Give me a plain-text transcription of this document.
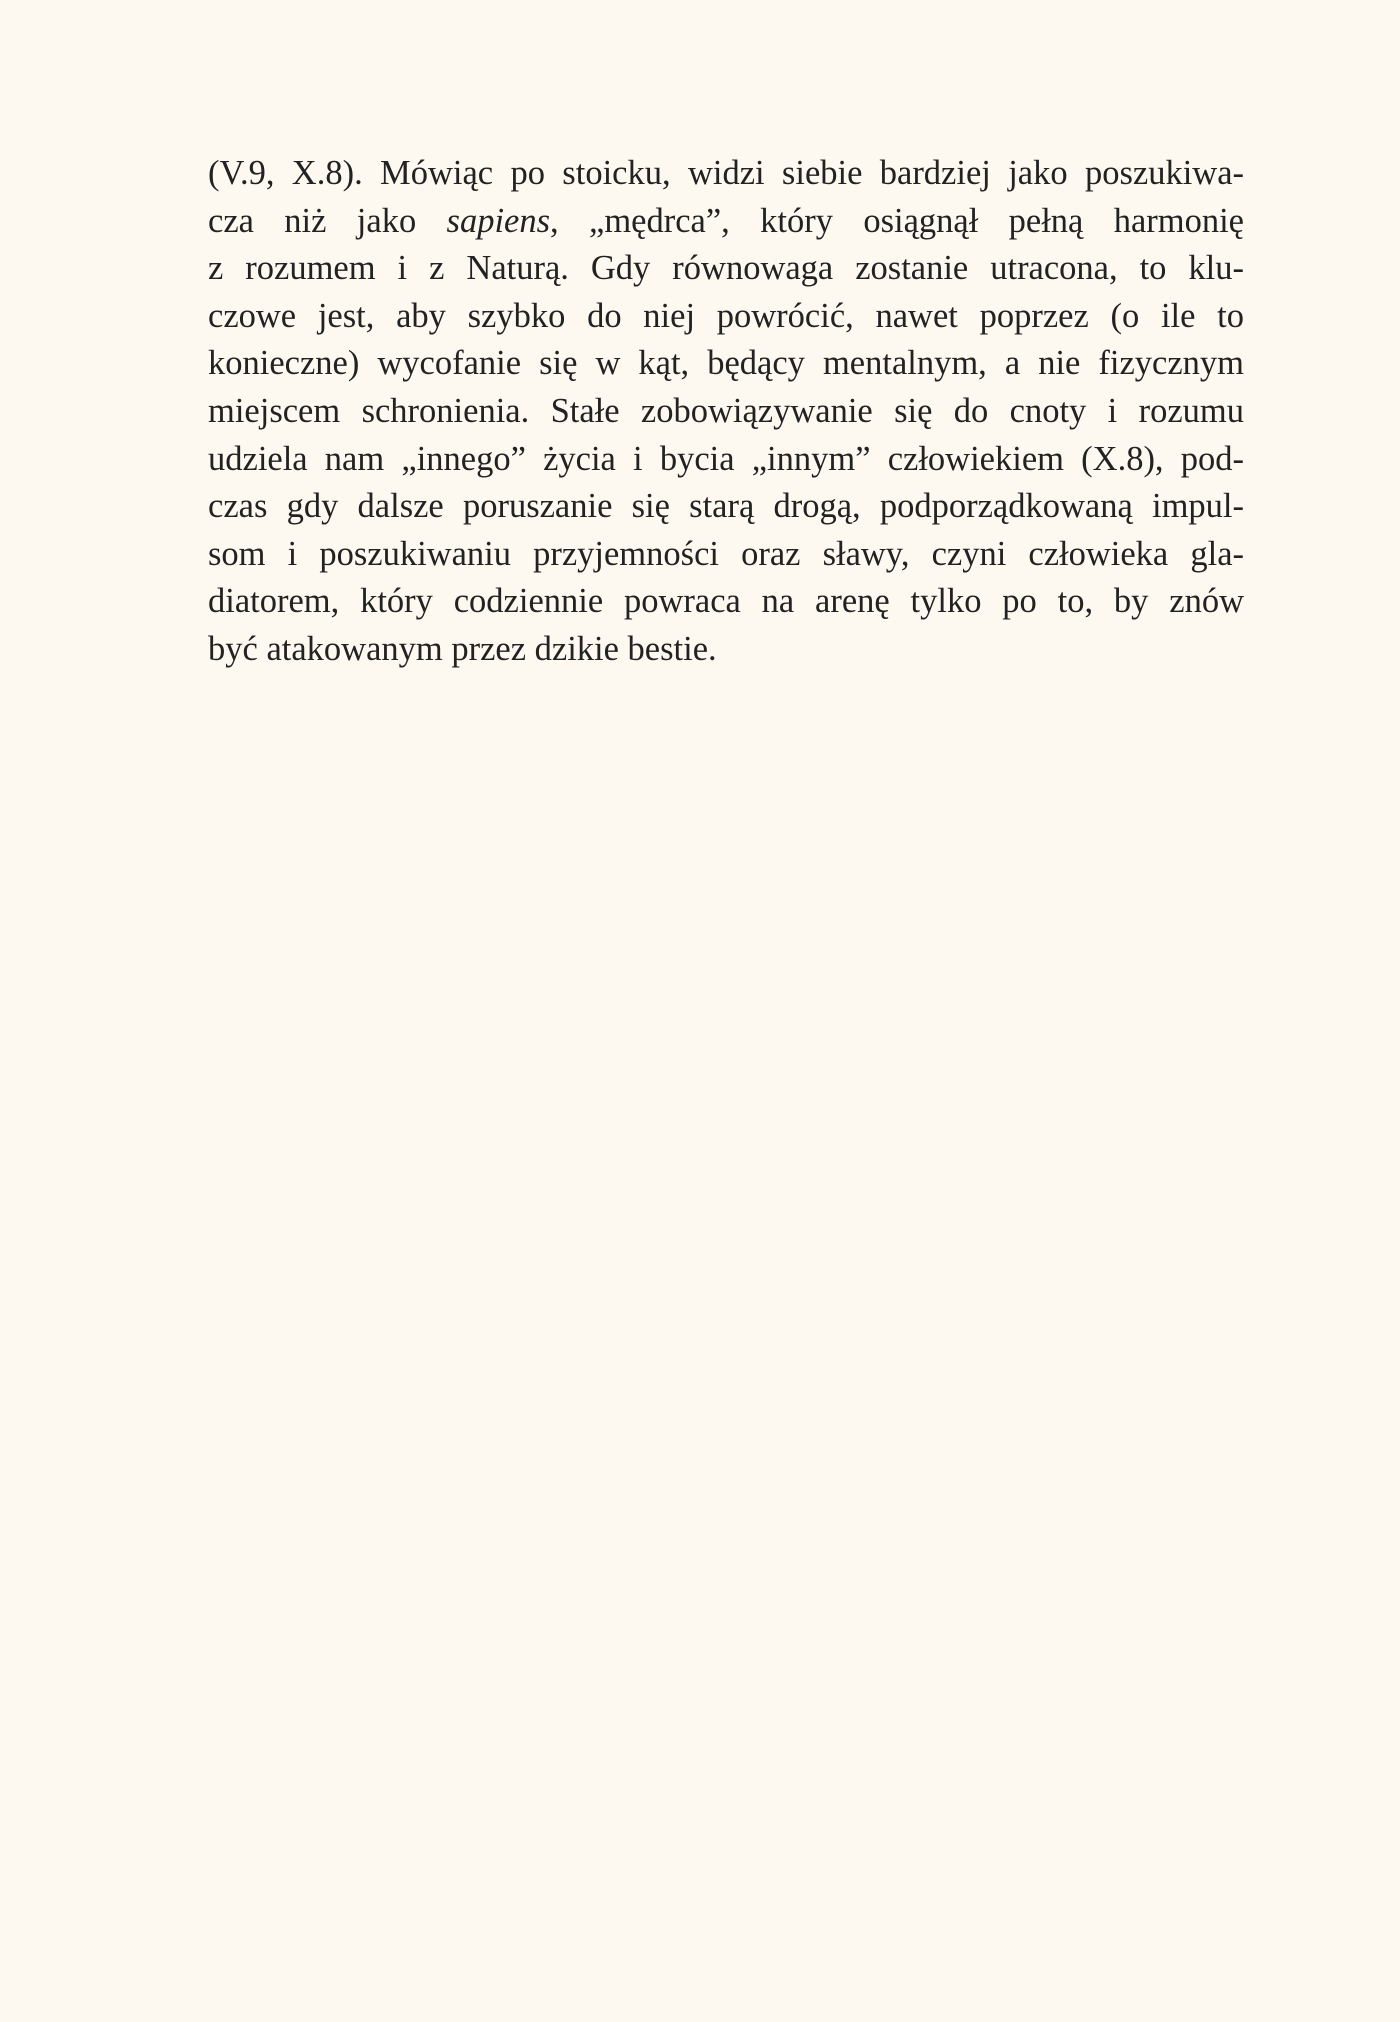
(V.9, X.8). Mówiąc po stoicku, widzi siebie bardziej jako poszukiwa-
cza niż jako sapiens, „mędrca”, który osiągnął pełną harmonię
z rozumem i z Naturą. Gdy równowaga zostanie utracona, to klu-
czowe jest, aby szybko do niej powrócić, nawet poprzez (o ile to
konieczne) wycofanie się w kąt, będący mentalnym, a nie fizycznym
miejscem schronienia. Stałe zobowiązywanie się do cnoty i rozumu
udziela nam „innego” życia i bycia „innym” człowiekiem (X.8), pod-
czas gdy dalsze poruszanie się starą drogą, podporządkowaną impul-
som i poszukiwaniu przyjemności oraz sławy, czyni człowieka gla-
diatorem, który codziennie powraca na arenę tylko po to, by znów
być atakowanym przez dzikie bestie.
